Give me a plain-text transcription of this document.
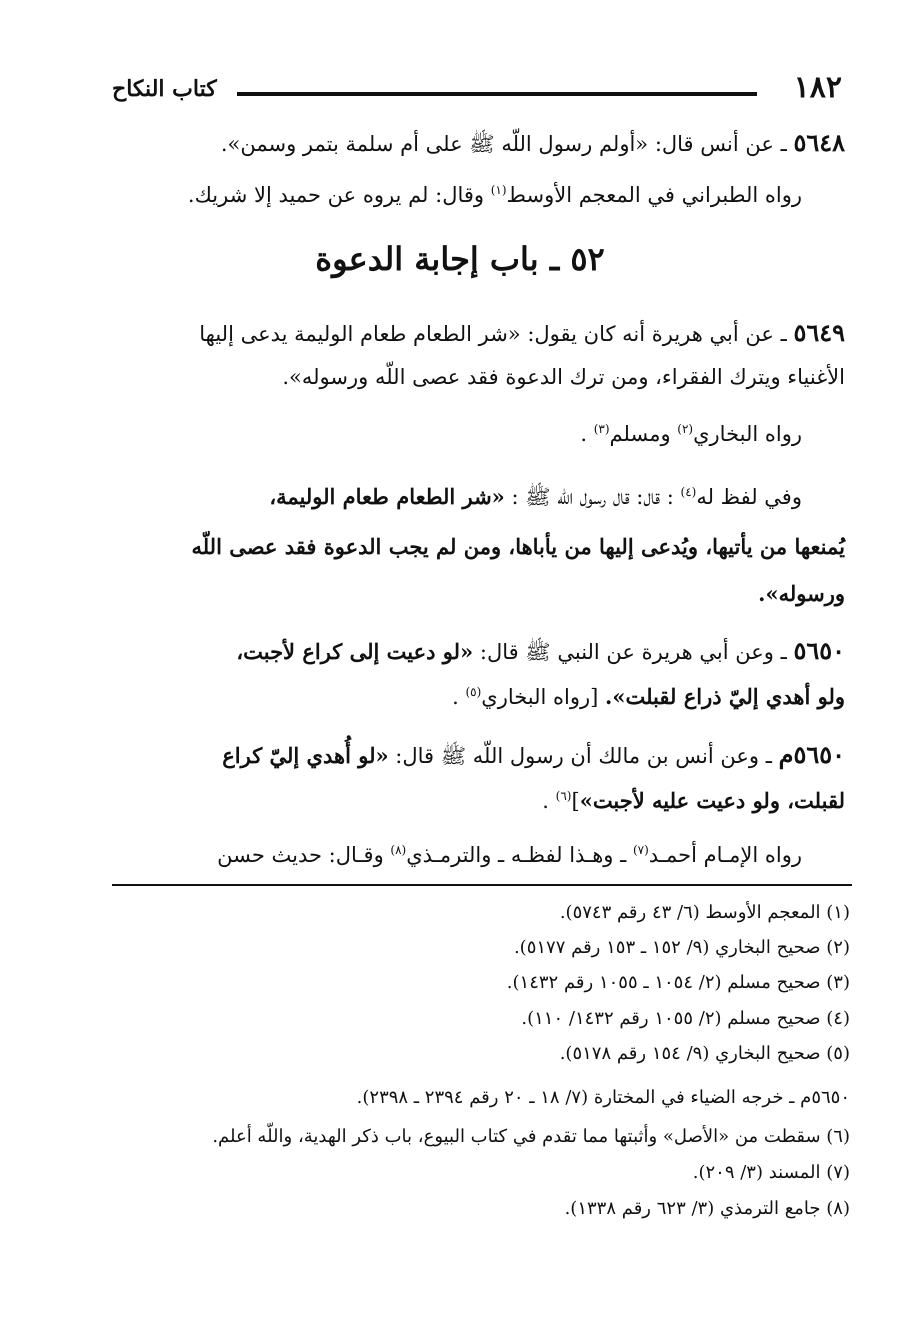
١٨٢
كتاب النكاح
٥٦٤٨ ـ عن أنس قال: «أولم رسول اللّه ﷺ على أم سلمة بتمر وسمن».
رواه الطبراني في المعجم الأوسط$^{(١)}$ وقال: لم يروه عن حميد إلا شريك.
٥٢ ـ باب إجابة الدعوة
٥٦٤٩ ـ عن أبي هريرة أنه كان يقول: «شر الطعام طعام الوليمة يدعى إليها
الأغنياء ويترك الفقراء، ومن ترك الدعوة فقد عصى اللّه ورسوله».
رواه البخاري$^{(٢)}$ ومسلم$^{(٣)}$ .
وفي لفظ له$^{(٤)}$ : قال: قال رسول اللّه ﷺ : «شر الطعام طعام الوليمة،
يُمنعها من يأتيها، ويُدعى إليها من يأباها، ومن لم يجب الدعوة فقد عصى اللّه
ورسوله».
٥٦٥٠ ـ وعن أبي هريرة عن النبي ﷺ قال: «لو دعيت إلى كراع لأجبت،
ولو أهدي إليّ ذراع لقبلت». [رواه البخاري$^{(٥)}$ .
٥٦٥٠م ـ وعن أنس بن مالك أن رسول اللّه ﷺ قال: «لو أُهدي إليّ كراع
لقبلت، ولو دعيت عليه لأجبت»]$^{(٦)}$ .
رواه الإمـام أحمـد$^{(٧)}$ ـ وهـذا لفظـه ـ والترمـذي$^{(٨)}$ وقـال: حديث حسن
(١) المعجم الأوسط (٦/ ٤٣ رقم ٥٧٤٣).
(٢) صحيح البخاري (٩/ ١٥٢ ـ ١٥٣ رقم ٥١٧٧).
(٣) صحيح مسلم (٢/ ١٠٥٤ ـ ١٠٥٥ رقم ١٤٣٢).
(٤) صحيح مسلم (٢/ ١٠٥٥ رقم ١٤٣٢/ ١١٠).
(٥) صحيح البخاري (٩/ ١٥٤ رقم ٥١٧٨).
٥٦٥٠م ـ خرجه الضياء في المختارة (٧/ ١٨ ـ ٢٠ رقم ٢٣٩٤ ـ ٢٣٩٨).
(٦) سقطت من «الأصل» وأثبتها مما تقدم في كتاب البيوع، باب ذكر الهدية، واللّه أعلم.
(٧) المسند (٣/ ٢٠٩).
(٨) جامع الترمذي (٣/ ٦٢٣ رقم ١٣٣٨).
